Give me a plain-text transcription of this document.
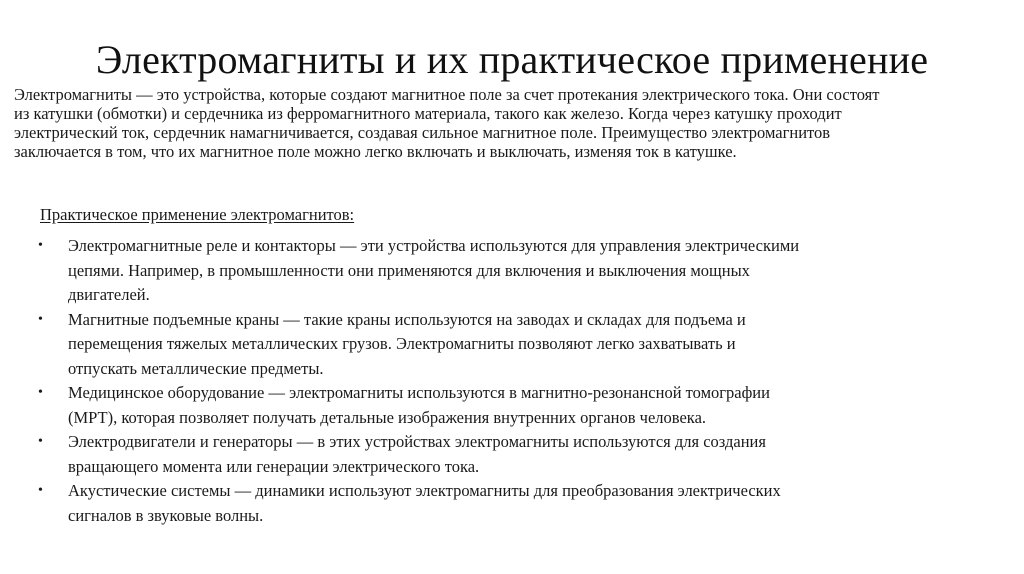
Электромагниты и их практическое применение
Электромагниты — это устройства, которые создают магнитное поле за счет протекания электрического тока. Они состоят из катушки (обмотки) и сердечника из ферромагнитного материала, такого как железо. Когда через катушку проходит электрический ток, сердечник намагничивается, создавая сильное магнитное поле. Преимущество электромагнитов заключается в том, что их магнитное поле можно легко включать и выключать, изменяя ток в катушке.
Практическое применение электромагнитов:
• Электромагнитные реле и контакторы — эти устройства используются для управления электрическими цепями. Например, в промышленности они применяются для включения и выключения мощных двигателей.
• Магнитные подъемные краны — такие краны используются на заводах и складах для подъема и перемещения тяжелых металлических грузов. Электромагниты позволяют легко захватывать и отпускать металлические предметы.
• Медицинское оборудование — электромагниты используются в магнитно-резонансной томографии (МРТ), которая позволяет получать детальные изображения внутренних органов человека.
• Электродвигатели и генераторы — в этих устройствах электромагниты используются для создания вращающего момента или генерации электрического тока.
• Акустические системы — динамики используют электромагниты для преобразования электрических сигналов в звуковые волны.
